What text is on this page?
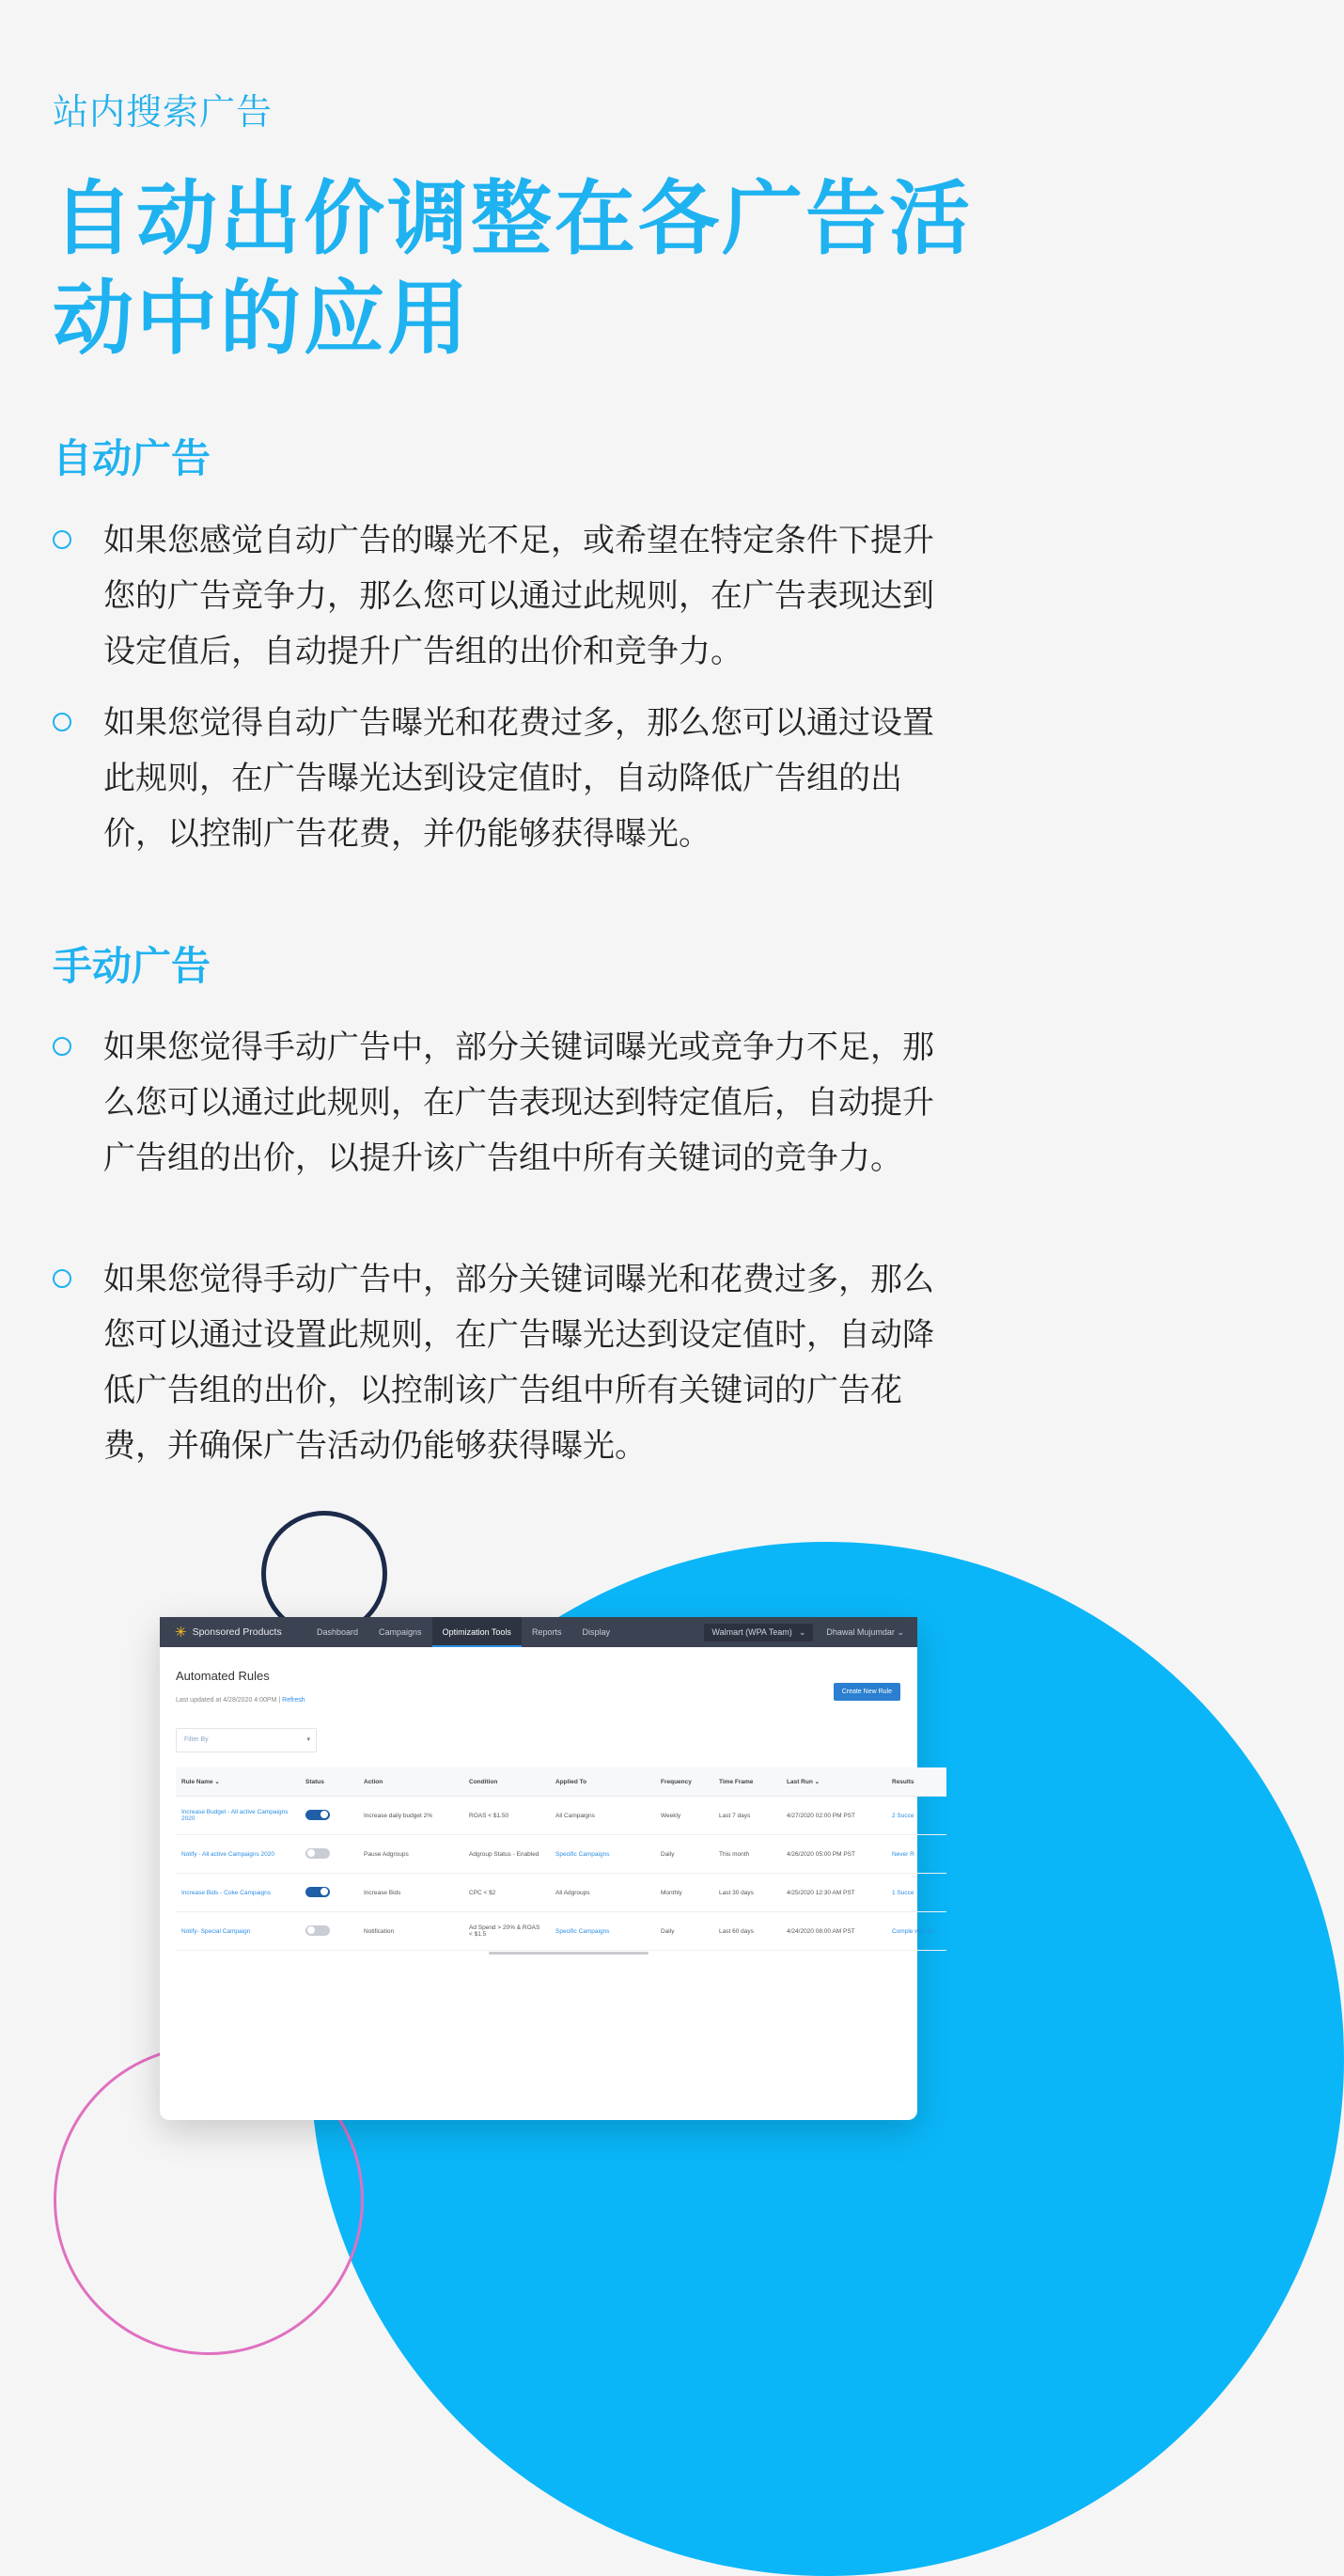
站内搜索广告
自动出价调整在各广告活动中的应用
自动广告
如果您感觉自动广告的曝光不足，或希望在特定条件下提升您的广告竞争力，那么您可以通过此规则，在广告表现达到设定值后，自动提升广告组的出价和竞争力。
如果您觉得自动广告曝光和花费过多，那么您可以通过设置此规则，在广告曝光达到设定值时，自动降低广告组的出价，以控制广告花费，并仍能够获得曝光。
手动广告
如果您觉得手动广告中，部分关键词曝光或竞争力不足，那么您可以通过此规则，在广告表现达到特定值后，自动提升广告组的出价，以提升该广告组中所有关键词的竞争力。
如果您觉得手动广告中，部分关键词曝光和花费过多，那么您可以通过设置此规则，在广告曝光达到设定值时，自动降低广告组的出价，以控制该广告组中所有关键词的广告花费，并确保广告活动仍能够获得曝光。
✳ Sponsored Products	Dashboard	Campaigns	Optimization Tools	Reports	Display	Walmart (WPA Team) ⌄ Dhawal Mujumdar ⌄
Automated Rules
Last updated at 4/28/2020 4:00PM | Refresh
Create New Rule
Filter By	▾
Rule Name ⌄	Status	Action	Condition	Applied To	Frequency	Time Frame	Last Run ⌄	Results
Increase Budget - All active Campaigns 2020		Increase daily budget 2%	ROAS < $1.50	All Campaigns	Weekly	Last 7 days	4/27/2020 02:00 PM PST	2 Succe
Notify - All active Campaigns 2020		Pause Adgroups	Adgroup Status - Enabled	Specific Campaigns	Daily	This month	4/26/2020 05:00 PM PST	Never R
Increase Bids - Coke Campaigns		Increase Bids	CPC < $2	All Adgroups	Monthly	Last 30 days	4/25/2020 12:30 AM PST	1 Succe
Notify- Special Campaign		Notification	Ad Spend > 20% & ROAS < $1.5	Specific Campaigns	Daily	Last 60 days	4/24/2020 08:00 AM PST	Comple with Err
